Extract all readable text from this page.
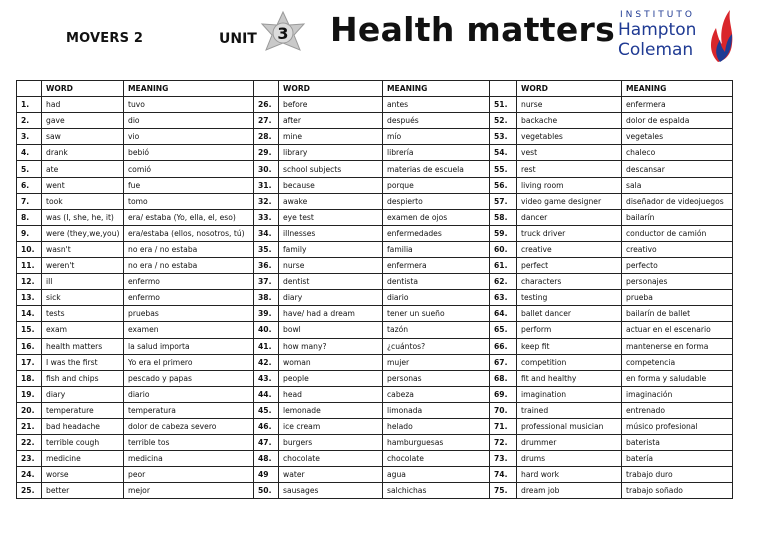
MOVERS 2	UNIT 3 Health matters INSTITUTO
Hampton
Coleman
	WORD	MEANING		WORD	MEANING		WORD	MEANING
1.	had	tuvo	26.	before	antes	51.	nurse	enfermera
2.	gave	dio	27.	after	después	52.	backache	dolor de espalda
3.	saw	vio	28.	mine	mío	53.	vegetables	vegetales
4.	drank	bebió	29.	library	librería	54.	vest	chaleco
5.	ate	comió	30.	school subjects	materias de escuela	55.	rest	descansar
6.	went	fue	31.	because	porque	56.	living room	sala
7.	took	tomo	32.	awake	despierto	57.	video game designer	diseñador de videojuegos
8.	was (I, she, he, it)	era/ estaba (Yo, ella, el, eso)	33.	eye test	examen de ojos	58.	dancer	bailarín
9.	were (they,we,you)	era/estaba (ellos, nosotros, tú)	34.	illnesses	enfermedades	59.	truck driver	conductor de camión
10.	wasn't	no era / no estaba	35.	family	familia	60.	creative	creativo
11.	weren't	no era / no estaba	36.	nurse	enfermera	61.	perfect	perfecto
12.	ill	enfermo	37.	dentist	dentista	62.	characters	personajes
13.	sick	enfermo	38.	diary	diario	63.	testing	prueba
14.	tests	pruebas	39.	have/ had a dream	tener un sueño	64.	ballet dancer	bailarín de ballet
15.	exam	examen	40.	bowl	tazón	65.	perform	actuar en el escenario
16.	health matters	la salud importa	41.	how many?	¿cuántos?	66.	keep fit	mantenerse en forma
17.	I was the first	Yo era el primero	42.	woman	mujer	67.	competition	competencia
18.	fish and chips	pescado y papas	43.	people	personas	68.	fit and healthy	en forma y saludable
19.	diary	diario	44.	head	cabeza	69.	imagination	imaginación
20.	temperature	temperatura	45.	lemonade	limonada	70.	trained	entrenado
21.	bad headache	dolor de cabeza severo	46.	ice cream	helado	71.	professional musician	músico profesional
22.	terrible cough	terrible tos	47.	burgers	hamburguesas	72.	drummer	baterista
23.	medicine	medicina	48.	chocolate	chocolate	73.	drums	batería
24.	worse	peor	49	water	agua	74.	hard work	trabajo duro
25.	better	mejor	50.	sausages	salchichas	75.	dream job	trabajo soñado
